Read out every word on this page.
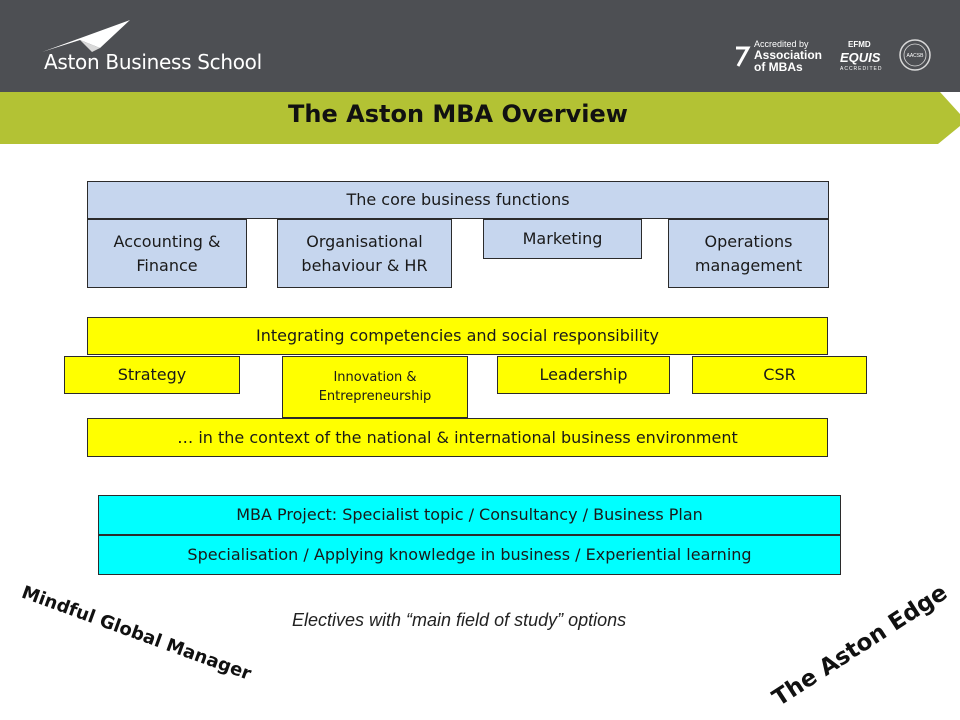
Aston Business School
Accredited by
Association
of MBAs
EFMD
EQUIS
ACCREDITED
AACSB
The Aston MBA Overview
The core business functions
Accounting & Finance
Organisational behaviour & HR
Marketing	Operations management
Integrating competencies and social responsibility
Strategy	Innovation & Entrepreneurship
Leadership	CSR
… in the context of the national & international business environment
MBA Project: Specialist topic / Consultancy / Business Plan
Specialisation / Applying knowledge in business / Experiential learning
Electives with “main field of study” options
Mindful Global Manager	The Aston Edge
